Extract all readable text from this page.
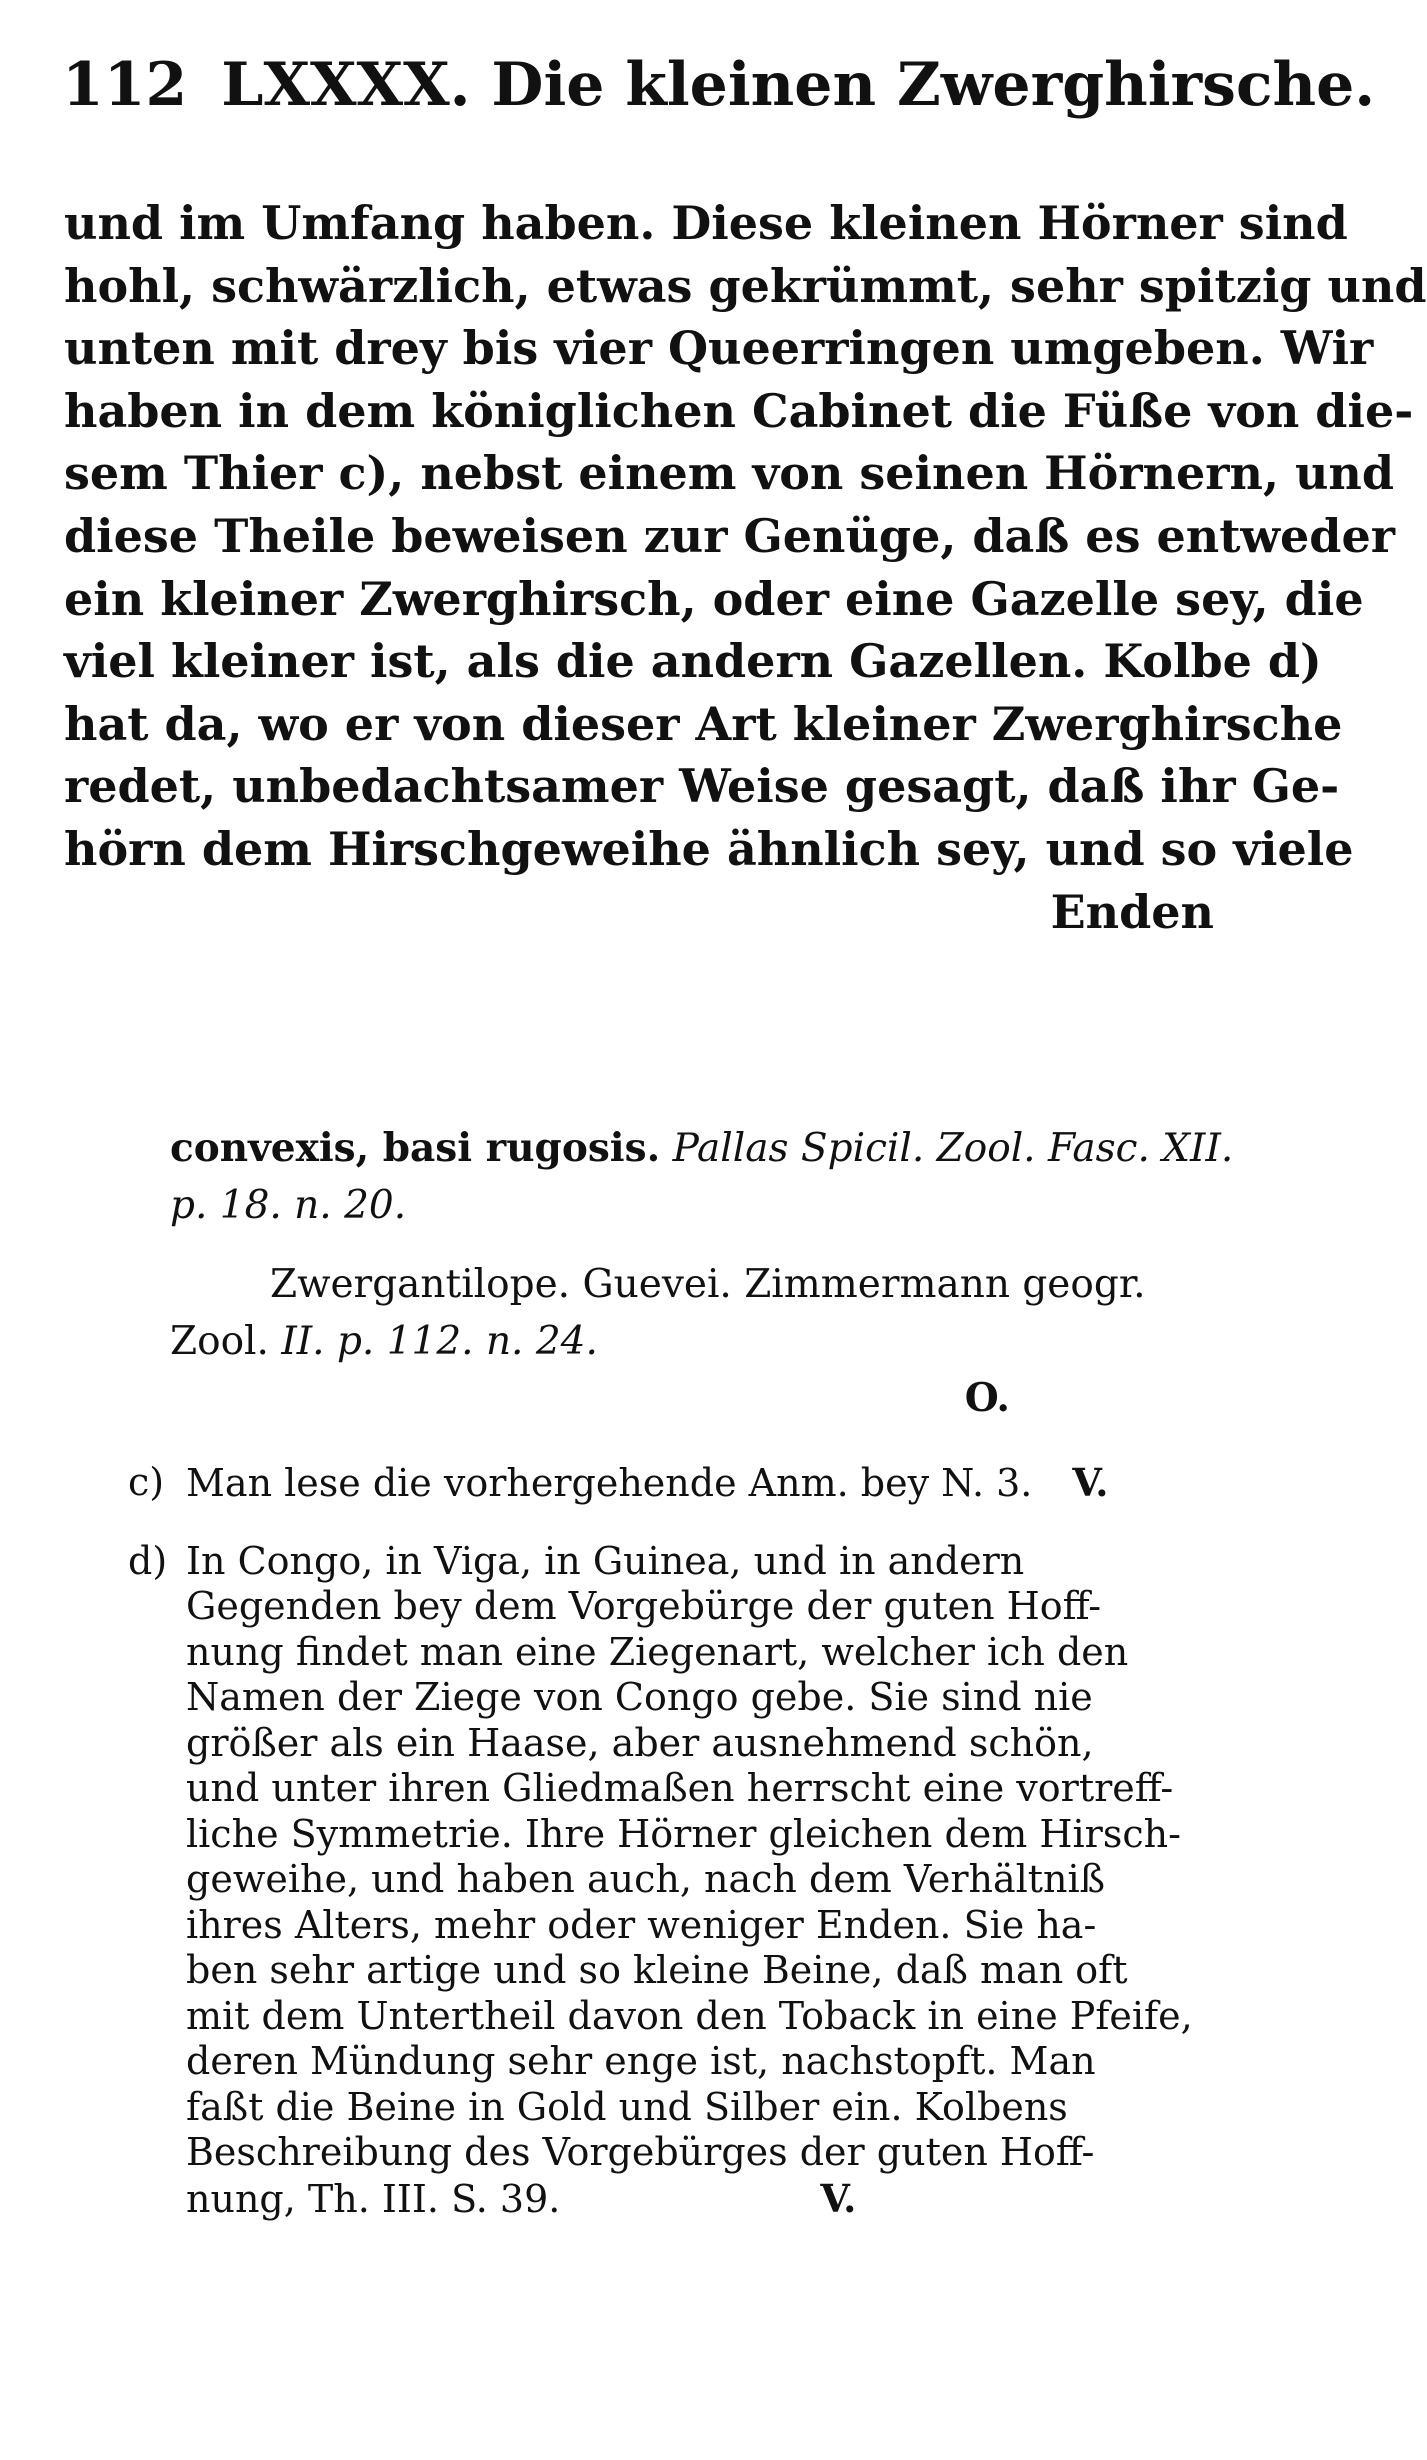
112 LXXXX. Die kleinen Zwerghirsche.
und im Umfang haben. Diese kleinen Hörner sind
hohl, schwärzlich, etwas gekrümmt, sehr spitzig und
unten mit drey bis vier Queerringen umgeben. Wir
haben in dem königlichen Cabinet die Füße von die-
sem Thier c), nebst einem von seinen Hörnern, und
diese Theile beweisen zur Genüge, daß es entweder
ein kleiner Zwerghirsch, oder eine Gazelle sey, die
viel kleiner ist, als die andern Gazellen. Kolbe d)
hat da, wo er von dieser Art kleiner Zwerghirsche
redet, unbedachtsamer Weise gesagt, daß ihr Ge-
hörn dem Hirschgeweihe ähnlich sey, und so viele
Enden
convexis, basi rugosis. Pallas Spicil. Zool. Fasc. XII.
p. 18. n. 20.
Zwergantilope. Guevei. Zimmermann geogr.
Zool. II. p. 112. n. 24.
O.
c) Man lese die vorhergehende Anm. bey N. 3. V.
d) In Congo, in Viga, in Guinea, und in andern
Gegenden bey dem Vorgebürge der guten Hoff-
nung findet man eine Ziegenart, welcher ich den
Namen der Ziege von Congo gebe. Sie sind nie
größer als ein Haase, aber ausnehmend schön,
und unter ihren Gliedmaßen herrscht eine vortreff-
liche Symmetrie. Ihre Hörner gleichen dem Hirsch-
geweihe, und haben auch, nach dem Verhältniß
ihres Alters, mehr oder weniger Enden. Sie ha-
ben sehr artige und so kleine Beine, daß man oft
mit dem Untertheil davon den Toback in eine Pfeife,
deren Mündung sehr enge ist, nachstopft. Man
faßt die Beine in Gold und Silber ein. Kolbens
Beschreibung des Vorgebürges der guten Hoff-
nung, Th. III. S. 39.	V.
